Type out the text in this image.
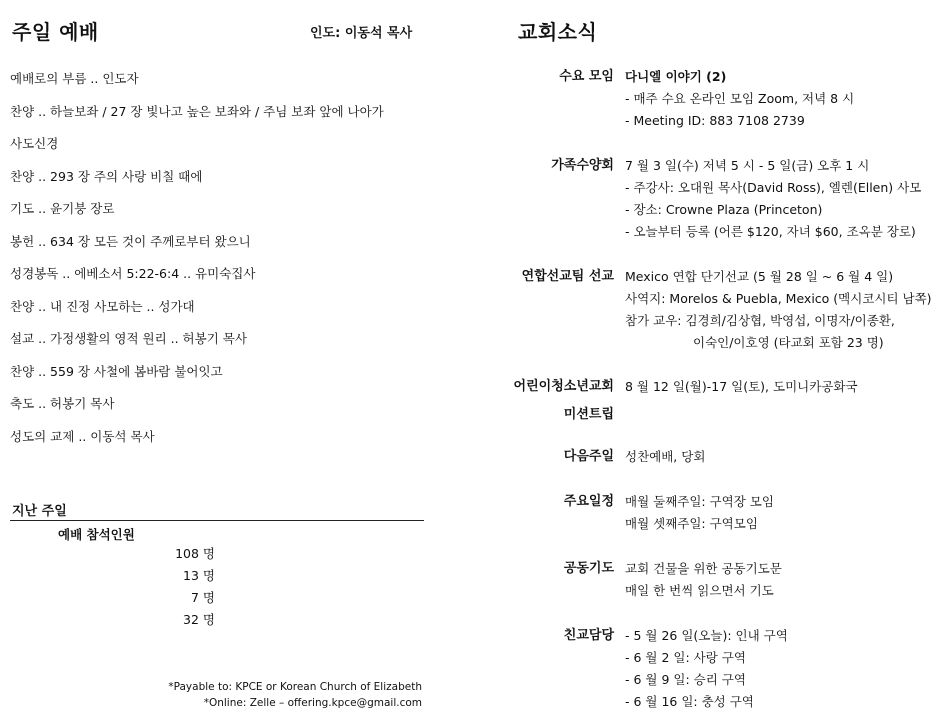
주일 예배	인도: 이동석 목사
예배로의 부름 .. 인도자
찬양 .. 하늘보좌 / 27 장 빛나고 높은 보좌와 / 주님 보좌 앞에 나아가
사도신경
찬양 .. 293 장 주의 사랑 비칠 때에
기도 .. 윤기붕 장로
봉헌 .. 634 장 모든 것이 주께로부터 왔으니
성경봉독 .. 에베소서 5:22-6:4 .. 유미숙집사
찬양 .. 내 진정 사모하는 .. 성가대
설교 .. 가정생활의 영적 원리 .. 허봉기 목사
찬양 .. 559 장 사철에 봄바람 불어잇고
축도 .. 허봉기 목사
성도의 교제 .. 이동석 목사
지난 주일
예배 참석인원
108 명
13 명
7 명
32 명
*Payable to: KPCE or Korean Church of Elizabeth
*Online: Zelle – offering.kpce@gmail.com
교회소식
수요 모임 다니엘 이야기 (2)
- 매주 수요 온라인 모임 Zoom, 저녁 8 시
- Meeting ID: 883 7108 2739
가족수양회 7 월 3 일(수) 저녁 5 시 - 5 일(금) 오후 1 시
- 주강사: 오대원 목사(David Ross), 엘렌(Ellen) 사모
- 장소: Crowne Plaza (Princeton)
- 오늘부터 등록 (어른 $120, 자녀 $60, 조옥분 장로)
연합선교팀 선교 Mexico 연합 단기선교 (5 월 28 일 ~ 6 월 4 일)
사역지: Morelos & Puebla, Mexico (멕시코시티 남쪽)
참가 교우: 김경희/김상협, 박영섭, 이명자/이종환,
이숙인/이호영 (타교회 포함 23 명)
어린이청소년교회
미션트립
8 월 12 일(월)-17 일(토), 도미니카공화국
다음주일 성찬예배, 당회
주요일정 매월 둘째주일: 구역장 모임
매월 셋째주일: 구역모임
공동기도 교회 건물을 위한 공동기도문
매일 한 번씩 읽으면서 기도
친교담당 - 5 월 26 일(오늘): 인내 구역
- 6 월 2 일: 사랑 구역
- 6 월 9 일: 승리 구역
- 6 월 16 일: 충성 구역
